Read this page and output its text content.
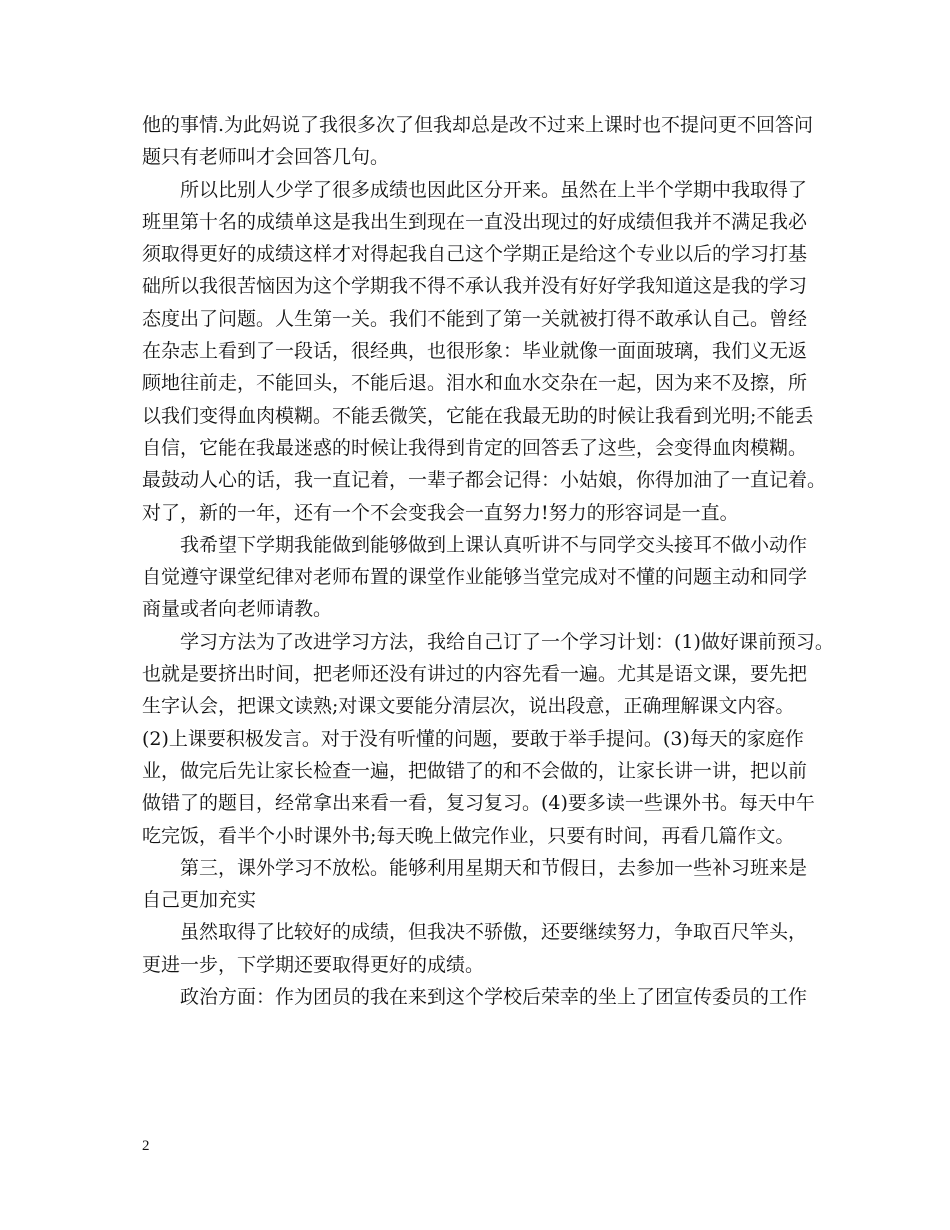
他的事情.为此妈说了我很多次了但我却总是改不过来上课时也不提问更不回答问
题只有老师叫才会回答几句。
所以比别人少学了很多成绩也因此区分开来。虽然在上半个学期中我取得了
班里第十名的成绩单这是我出生到现在一直没出现过的好成绩但我并不满足我必
须取得更好的成绩这样才对得起我自己这个学期正是给这个专业以后的学习打基
础所以我很苦恼因为这个学期我不得不承认我并没有好好学我知道这是我的学习
态度出了问题。人生第一关。我们不能到了第一关就被打得不敢承认自己。曾经
在杂志上看到了一段话，很经典，也很形象：毕业就像一面面玻璃，我们义无返
顾地往前走，不能回头，不能后退。泪水和血水交杂在一起，因为来不及擦，所
以我们变得血肉模糊。不能丢微笑，它能在我最无助的时候让我看到光明;不能丢
自信，它能在我最迷惑的时候让我得到肯定的回答丢了这些，会变得血肉模糊。
最鼓动人心的话，我一直记着，一辈子都会记得：小姑娘，你得加油了一直记着。
对了，新的一年，还有一个不会变我会一直努力!努力的形容词是一直。
我希望下学期我能做到能够做到上课认真听讲不与同学交头接耳不做小动作
自觉遵守课堂纪律对老师布置的课堂作业能够当堂完成对不懂的问题主动和同学
商量或者向老师请教。
学习方法为了改进学习方法，我给自己订了一个学习计划：(1)做好课前预习。
也就是要挤出时间，把老师还没有讲过的内容先看一遍。尤其是语文课，要先把
生字认会，把课文读熟;对课文要能分清层次，说出段意，正确理解课文内容。
(2)上课要积极发言。对于没有听懂的问题，要敢于举手提问。(3)每天的家庭作
业，做完后先让家长检查一遍，把做错了的和不会做的，让家长讲一讲，把以前
做错了的题目，经常拿出来看一看，复习复习。(4)要多读一些课外书。每天中午
吃完饭，看半个小时课外书;每天晚上做完作业，只要有时间，再看几篇作文。
第三，课外学习不放松。能够利用星期天和节假日，去参加一些补习班来是
自己更加充实
虽然取得了比较好的成绩，但我决不骄傲，还要继续努力，争取百尺竿头，
更进一步，下学期还要取得更好的成绩。
政治方面：作为团员的我在来到这个学校后荣幸的坐上了团宣传委员的工作
2
